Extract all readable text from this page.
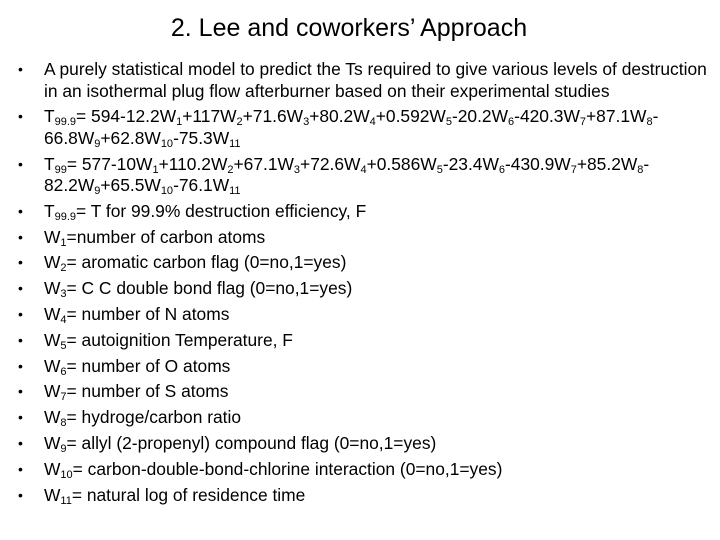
2. Lee and coworkers’ Approach
• A purely statistical model to predict the Ts required to give various levels of destruction in an isothermal plug flow afterburner based on their experimental studies
• $T_{99.9}= 594-12.2W_1+117W_2+71.6W_3+80.2W_4+0.592W_5-20.2W_6-420.3W_7+87.1W_8-66.8W_9+62.8W_{10}-75.3W_{11}$
• $T_{99}= 577-10W_1+110.2W_2+67.1W_3+72.6W_4+0.586W_5-23.4W_6-430.9W_7+85.2W_8-82.2W_9+65.5W_{10}-76.1W_{11}$
• $T_{99.9}= T$ for 99.9% destruction efficiency, F
• $W_1=number$ of carbon atoms
• $W_2=$ aromatic carbon flag (0=no,1=yes)
• $W_3= C$ C double bond flag (0=no,1=yes)
• $W_4=$ number of N atoms
• $W_5=$ autoignition Temperature, F
• $W_6=$ number of O atoms
• $W_7=$ number of S atoms
• $W_8=$ hydroge/carbon ratio
• $W_9=$ allyl (2-propenyl) compound flag (0=no,1=yes)
• $W_{10}=$ carbon-double-bond-chlorine interaction (0=no,1=yes)
• $W_{11}=$ natural log of residence time
